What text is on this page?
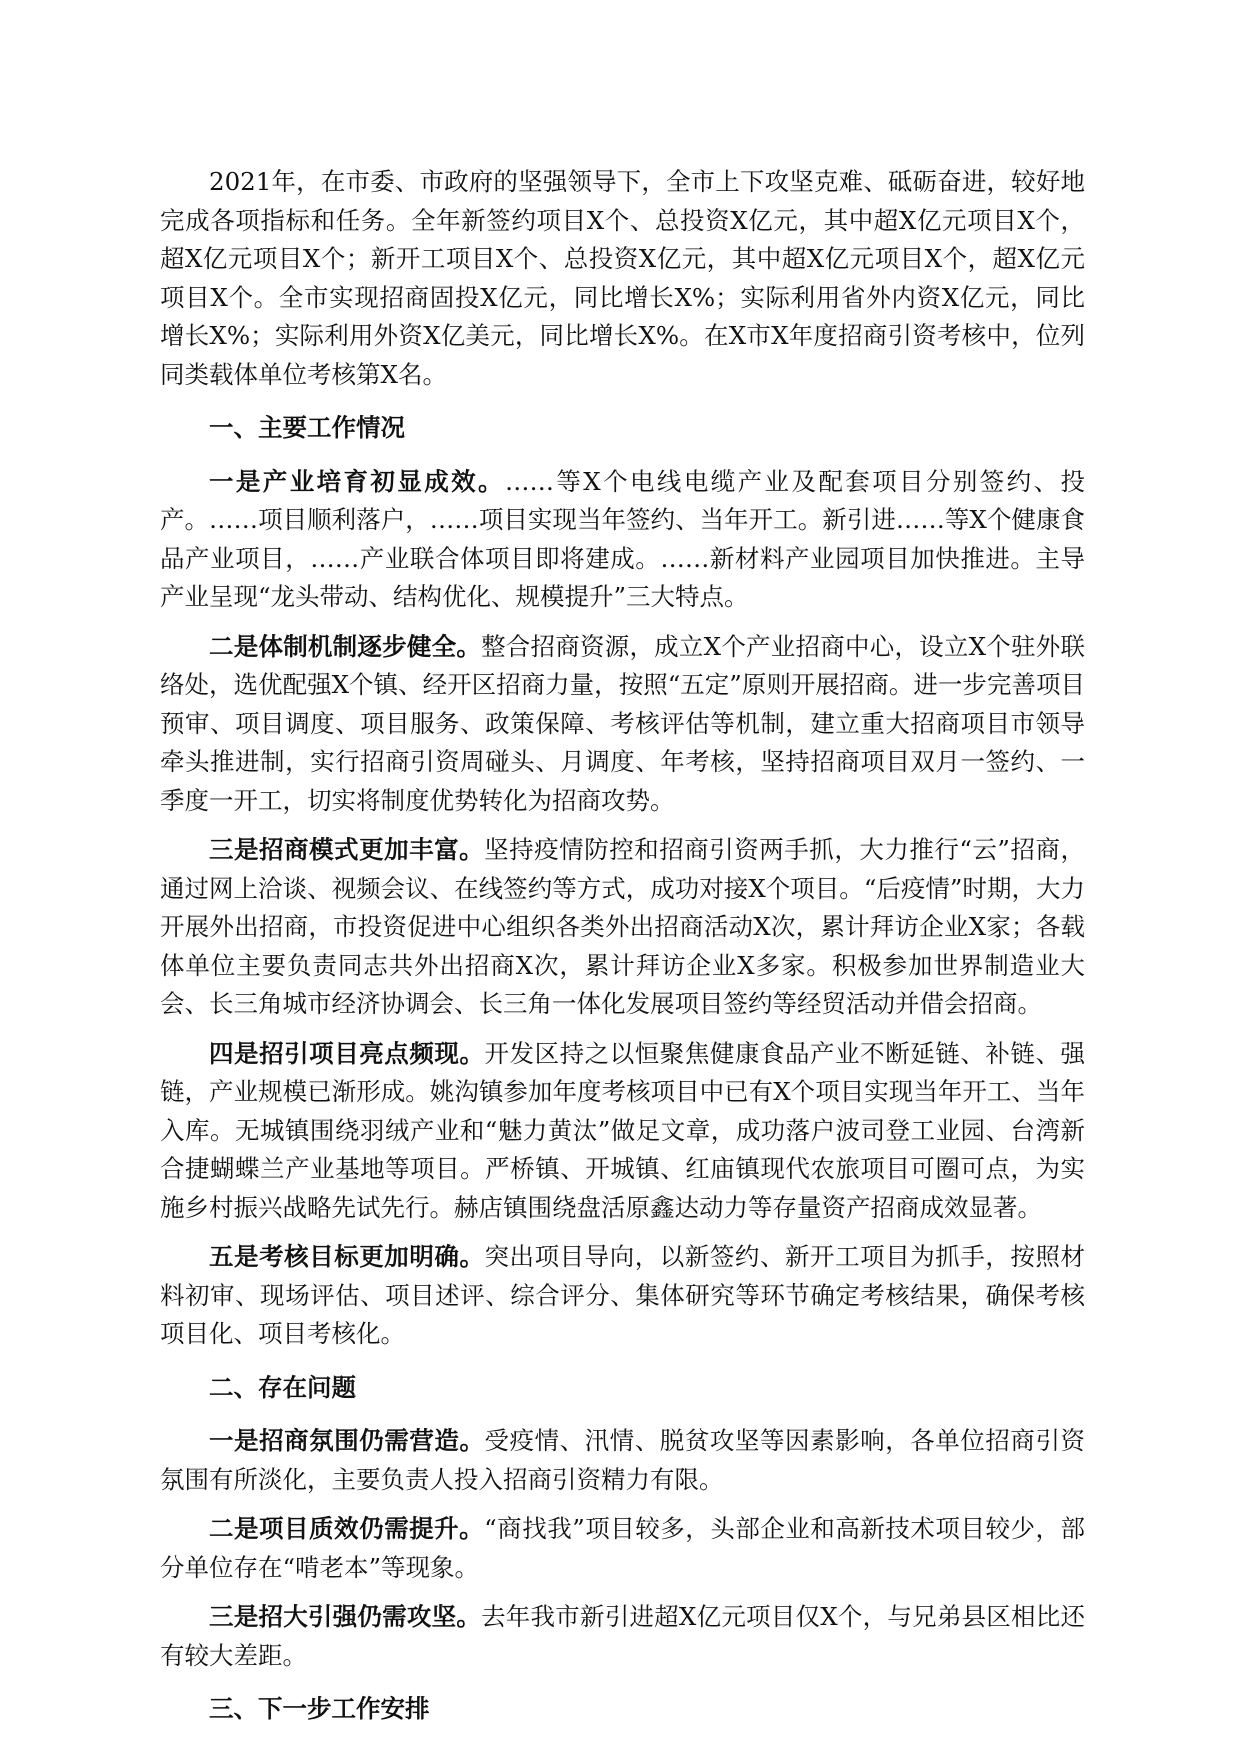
2021年，在市委、市政府的坚强领导下，全市上下攻坚克难、砥砺奋进，较好地完成各项指标和任务。全年新签约项目X个、总投资X亿元，其中超X亿元项目X个，超X亿元项目X个；新开工项目X个、总投资X亿元，其中超X亿元项目X个，超X亿元项目X个。全市实现招商固投X亿元，同比增长X%；实际利用省外内资X亿元，同比增长X%；实际利用外资X亿美元，同比增长X%。在X市X年度招商引资考核中，位列同类载体单位考核第X名。

一、主要工作情况

一是产业培育初显成效。……等X个电线电缆产业及配套项目分别签约、投产。……项目顺利落户，……项目实现当年签约、当年开工。新引进……等X个健康食品产业项目，……产业联合体项目即将建成。……新材料产业园项目加快推进。主导产业呈现“龙头带动、结构优化、规模提升”三大特点。

二是体制机制逐步健全。整合招商资源，成立X个产业招商中心，设立X个驻外联络处，选优配强X个镇、经开区招商力量，按照“五定”原则开展招商。进一步完善项目预审、项目调度、项目服务、政策保障、考核评估等机制，建立重大招商项目市领导牵头推进制，实行招商引资周碰头、月调度、年考核，坚持招商项目双月一签约、一季度一开工，切实将制度优势转化为招商攻势。

三是招商模式更加丰富。坚持疫情防控和招商引资两手抓，大力推行“云”招商，通过网上洽谈、视频会议、在线签约等方式，成功对接X个项目。“后疫情”时期，大力开展外出招商，市投资促进中心组织各类外出招商活动X次，累计拜访企业X家；各载体单位主要负责同志共外出招商X次，累计拜访企业X多家。积极参加世界制造业大会、长三角城市经济协调会、长三角一体化发展项目签约等经贸活动并借会招商。

四是招引项目亮点频现。开发区持之以恒聚焦健康食品产业不断延链、补链、强链，产业规模已渐形成。姚沟镇参加年度考核项目中已有X个项目实现当年开工、当年入库。无城镇围绕羽绒产业和“魅力黄汰”做足文章，成功落户波司登工业园、台湾新合捷蝴蝶兰产业基地等项目。严桥镇、开城镇、红庙镇现代农旅项目可圈可点，为实施乡村振兴战略先试先行。赫店镇围绕盘活原鑫达动力等存量资产招商成效显著。

五是考核目标更加明确。突出项目导向，以新签约、新开工项目为抓手，按照材料初审、现场评估、项目述评、综合评分、集体研究等环节确定考核结果，确保考核项目化、项目考核化。

二、存在问题

一是招商氛围仍需营造。受疫情、汛情、脱贫攻坚等因素影响，各单位招商引资氛围有所淡化，主要负责人投入招商引资精力有限。

二是项目质效仍需提升。“商找我”项目较多，头部企业和高新技术项目较少，部分单位存在“啃老本”等现象。

三是招大引强仍需攻坚。去年我市新引进超X亿元项目仅X个，与兄弟县区相比还有较大差距。

三、下一步工作安排
